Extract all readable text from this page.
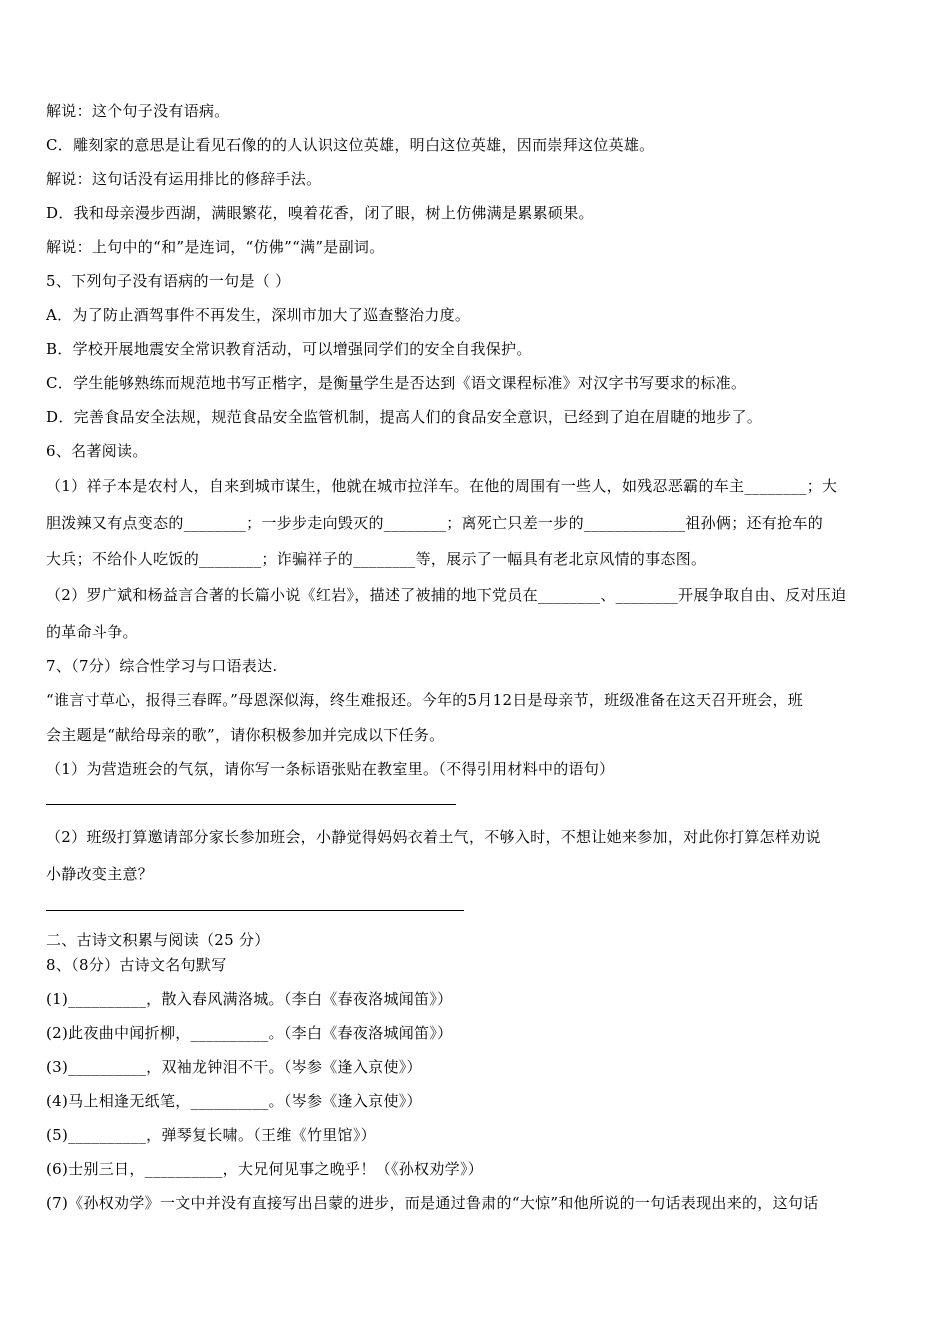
解说：这个句子没有语病。
C．雕刻家的意思是让看见石像的的人认识这位英雄，明白这位英雄，因而崇拜这位英雄。
解说：这句话没有运用排比的修辞手法。
D．我和母亲漫步西湖，满眼繁花，嗅着花香，闭了眼，树上仿佛满是累累硕果。
解说：上句中的“和”是连词，“仿佛”“满”是副词。
5、下列句子没有语病的一句是（ ）
A．为了防止酒驾事件不再发生，深圳市加大了巡查整治力度。
B．学校开展地震安全常识教育活动，可以增强同学们的安全自我保护。
C．学生能够熟练而规范地书写正楷字，是衡量学生是否达到《语文课程标准》对汉字书写要求的标准。
D．完善食品安全法规，规范食品安全监管机制，提高人们的食品安全意识，已经到了迫在眉睫的地步了。
6、名著阅读。
（1）祥子本是农村人，自来到城市谋生，他就在城市拉洋车。在他的周围有一些人，如残忍恶霸的车主________；大
胆泼辣又有点变态的________；一步步走向毁灭的________；离死亡只差一步的_____________祖孙俩；还有抢车的
大兵；不给仆人吃饭的________；诈骗祥子的________等，展示了一幅具有老北京风情的事态图。
（2）罗广斌和杨益言合著的长篇小说《红岩》，描述了被捕的地下党员在________、________开展争取自由、反对压迫
的革命斗争。
7、（7分）综合性学习与口语表达.
“谁言寸草心，报得三春晖。”母恩深似海，终生难报还。今年的5月12日是母亲节，班级准备在这天召开班会，班
会主题是“献给母亲的歌”，请你积极参加并完成以下任务。
（1）为营造班会的气氛，请你写一条标语张贴在教室里。（不得引用材料中的语句）
（2）班级打算邀请部分家长参加班会，小静觉得妈妈衣着土气，不够入时，不想让她来参加，对此你打算怎样劝说
小静改变主意？
二、古诗文积累与阅读（25 分）
8、（8分）古诗文名句默写
(1)__________，散入春风满洛城。（李白《春夜洛城闻笛》）
(2)此夜曲中闻折柳，__________。（李白《春夜洛城闻笛》）
(3)__________，双袖龙钟泪不干。（岑参《逢入京使》）
(4)马上相逢无纸笔，__________。（岑参《逢入京使》）
(5)__________，弹琴复长啸。（王维《竹里馆》）
(6)士别三日，__________，大兄何见事之晚乎！（《孙权劝学》）
(7)《孙权劝学》一文中并没有直接写出吕蒙的进步，而是通过鲁肃的“大惊”和他所说的一句话表现出来的，这句话
